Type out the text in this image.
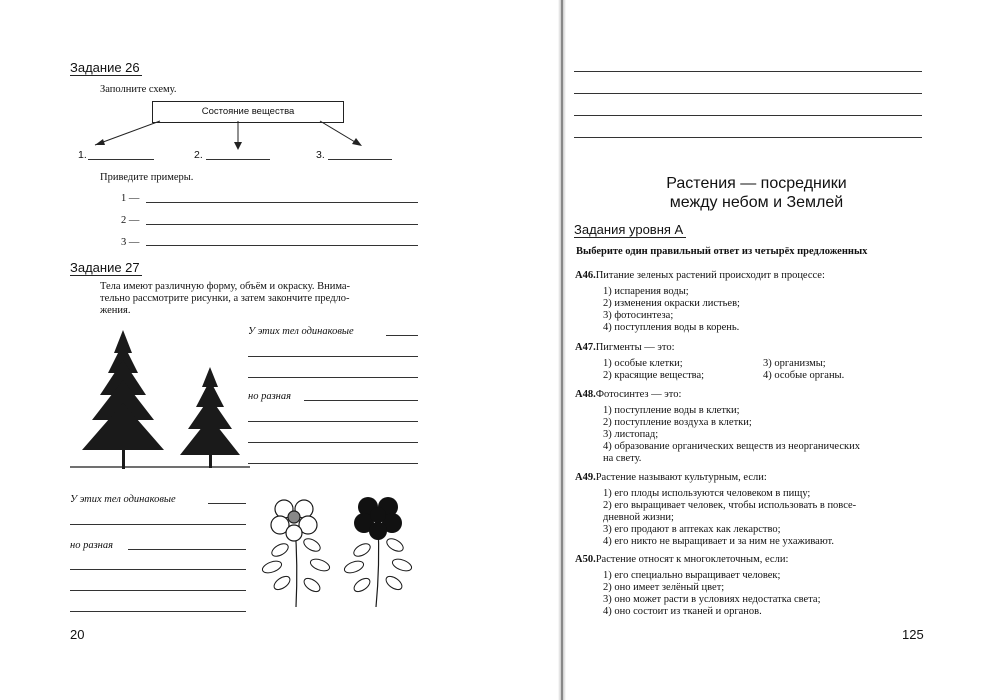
Задание 26
Заполните схему.
Состояние вещества
1.	2.	3.
Приведите примеры.
1 —
2 —
3 —
Задание 27
Тела имеют различную форму, объём и окраску. Внима-
тельно рассмотрите рисунки, а затем закончите предло-
жения.
У этих тел одинаковые
но разная
У этих тел одинаковые
но разная
20
Растения — посредники
между небом и Землей
Задания уровня А
Выберите один правильный ответ из четырёх предложенных
A46.Питание зеленых растений происходит в процессе:
1) испарения воды;
2) изменения окраски листьев;
3) фотосинтеза;
4) поступления воды в корень.
A47.Пигменты — это:
1) особые клетки;	3) организмы;
2) красящие вещества;	4) особые органы.
A48.Фотосинтез — это:
1) поступление воды в клетки;
2) поступление воздуха в клетки;
3) листопад;
4) образование органических веществ из неорганических
на свету.
A49.Растение называют культурным, если:
1) его плоды используются человеком в пищу;
2) его выращивает человек, чтобы использовать в повсе-
дневной жизни;
3) его продают в аптеках как лекарство;
4) его никто не выращивает и за ним не ухаживают.
A50.Растение относят к многоклеточным, если:
1) его специально выращивает человек;
2) оно имеет зелёный цвет;
3) оно может расти в условиях недостатка света;
4) оно состоит из тканей и органов.
125
